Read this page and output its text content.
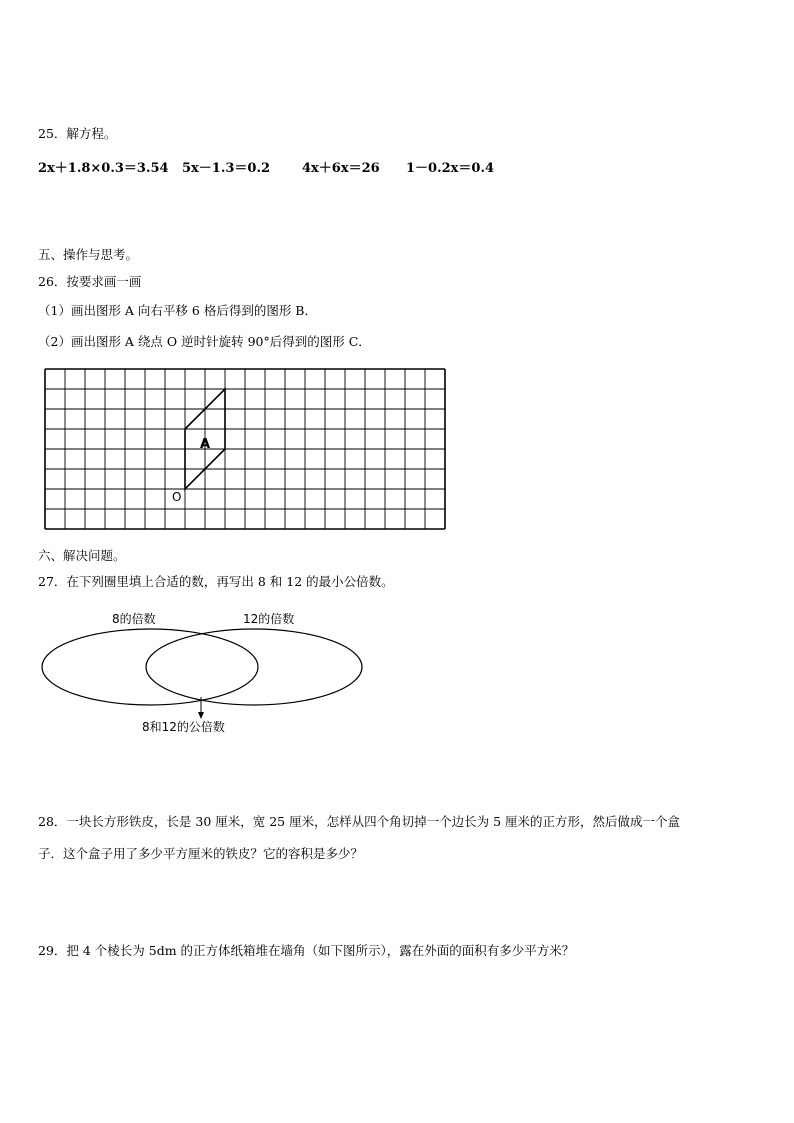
25．解方程。
2x＋1.8×0.3＝3.54 5x－1.3＝0.2 4x＋6x＝26 1－0.2x＝0.4
五、操作与思考。
26．按要求画一画
（1）画出图形 A 向右平移 6 格后得到的图形 B．
（2）画出图形 A 绕点 O 逆时针旋转 90°后得到的图形 C．
A
O
六、解决问题。
27．在下列圈里填上合适的数，再写出 8 和 12 的最小公倍数。
8的倍数	12的倍数
8和12的公倍数
28．一块长方形铁皮，长是 30 厘米，宽 25 厘米，怎样从四个角切掉一个边长为 5 厘米的正方形，然后做成一个盒
子．这个盒子用了多少平方厘米的铁皮？它的容积是多少？
29．把 4 个棱长为 5dm 的正方体纸箱堆在墙角（如下图所示），露在外面的面积有多少平方米？
